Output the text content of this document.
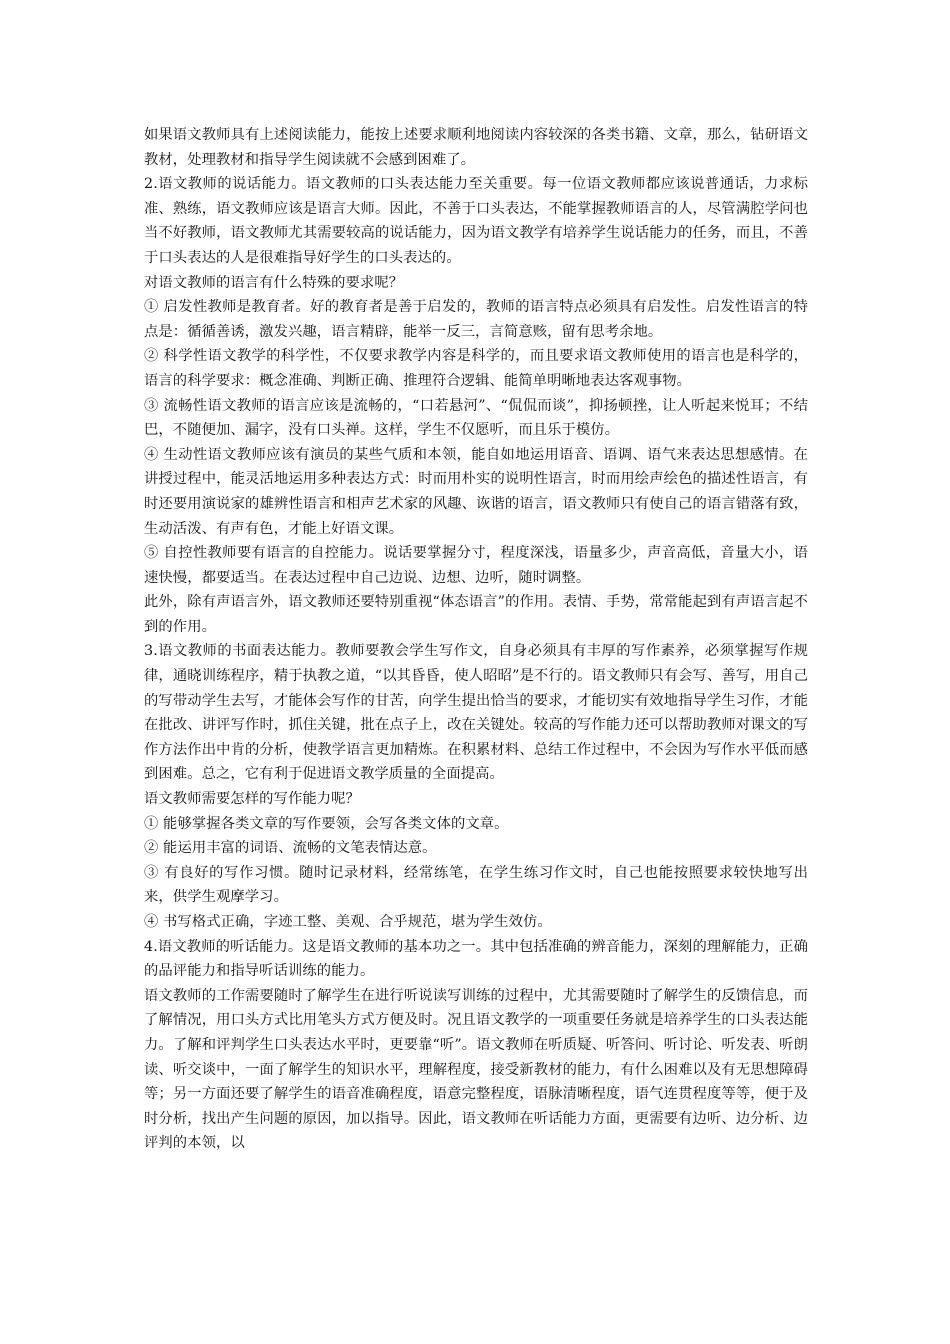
如果语文教师具有上述阅读能力，能按上述要求顺利地阅读内容较深的各类书籍、文章，那么，钻研语文教材，处理教材和指导学生阅读就不会感到困难了。

2.语文教师的说话能力。语文教师的口头表达能力至关重要。每一位语文教师都应该说普通话，力求标准、熟练，语文教师应该是语言大师。因此，不善于口头表达，不能掌握教师语言的人，尽管满腔学问也当不好教师，语文教师尤其需要较高的说话能力，因为语文教学有培养学生说话能力的任务，而且，不善于口头表达的人是很难指导好学生的口头表达的。

对语文教师的语言有什么特殊的要求呢？

① 启发性教师是教育者。好的教育者是善于启发的，教师的语言特点必须具有启发性。启发性语言的特点是：循循善诱，激发兴趣，语言精辟，能举一反三，言简意赅，留有思考余地。

② 科学性语文教学的科学性，不仅要求教学内容是科学的，而且要求语文教师使用的语言也是科学的，语言的科学要求：概念准确、判断正确、推理符合逻辑、能简单明晰地表达客观事物。

③ 流畅性语文教师的语言应该是流畅的，“口若悬河”、“侃侃而谈”，抑扬顿挫，让人听起来悦耳；不结巴，不随便加、漏字，没有口头禅。这样，学生不仅愿听，而且乐于模仿。

④ 生动性语文教师应该有演员的某些气质和本领，能自如地运用语音、语调、语气来表达思想感情。在讲授过程中，能灵活地运用多种表达方式：时而用朴实的说明性语言，时而用绘声绘色的描述性语言，有时还要用演说家的雄辨性语言和相声艺术家的风趣、诙谐的语言，语文教师只有使自己的语言错落有致，生动活泼、有声有色，才能上好语文课。

⑤ 自控性教师要有语言的自控能力。说话要掌握分寸，程度深浅，语量多少，声音高低，音量大小，语速快慢，都要适当。在表达过程中自己边说、边想、边听，随时调整。

此外，除有声语言外，语文教师还要特别重视“体态语言”的作用。表情、手势，常常能起到有声语言起不到的作用。

3.语文教师的书面表达能力。教师要教会学生写作文，自身必须具有丰厚的写作素养，必须掌握写作规律，通晓训练程序，精于执教之道，“以其昏昏，使人昭昭”是不行的。语文教师只有会写、善写，用自己的写带动学生去写，才能体会写作的甘苦，向学生提出恰当的要求，才能切实有效地指导学生习作，才能在批改、讲评写作时，抓住关键，批在点子上，改在关键处。较高的写作能力还可以帮助教师对课文的写作方法作出中肯的分析，使教学语言更加精炼。在积累材料、总结工作过程中，不会因为写作水平低而感到困难。总之，它有利于促进语文教学质量的全面提高。

语文教师需要怎样的写作能力呢？

① 能够掌握各类文章的写作要领，会写各类文体的文章。

② 能运用丰富的词语、流畅的文笔表情达意。

③ 有良好的写作习惯。随时记录材料，经常练笔，在学生练习作文时，自己也能按照要求较快地写出来，供学生观摩学习。

④ 书写格式正确，字迹工整、美观、合乎规范，堪为学生效仿。

4.语文教师的听话能力。这是语文教师的基本功之一。其中包括准确的辨音能力，深刻的理解能力，正确的品评能力和指导听话训练的能力。

语文教师的工作需要随时了解学生在进行听说读写训练的过程中，尤其需要随时了解学生的反馈信息，而了解情况，用口头方式比用笔头方式方便及时。况且语文教学的一项重要任务就是培养学生的口头表达能力。了解和评判学生口头表达水平时，更要靠“听”。语文教师在听质疑、听答问、听讨论、听发表、听朗读、听交谈中，一面了解学生的知识水平，理解程度，接受新教材的能力，有什么困难以及有无思想障碍等；另一方面还要了解学生的语音准确程度，语意完整程度，语脉清晰程度，语气连贯程度等等，便于及时分析，找出产生问题的原因，加以指导。因此，语文教师在听话能力方面，更需要有边听、边分析、边评判的本领，以
